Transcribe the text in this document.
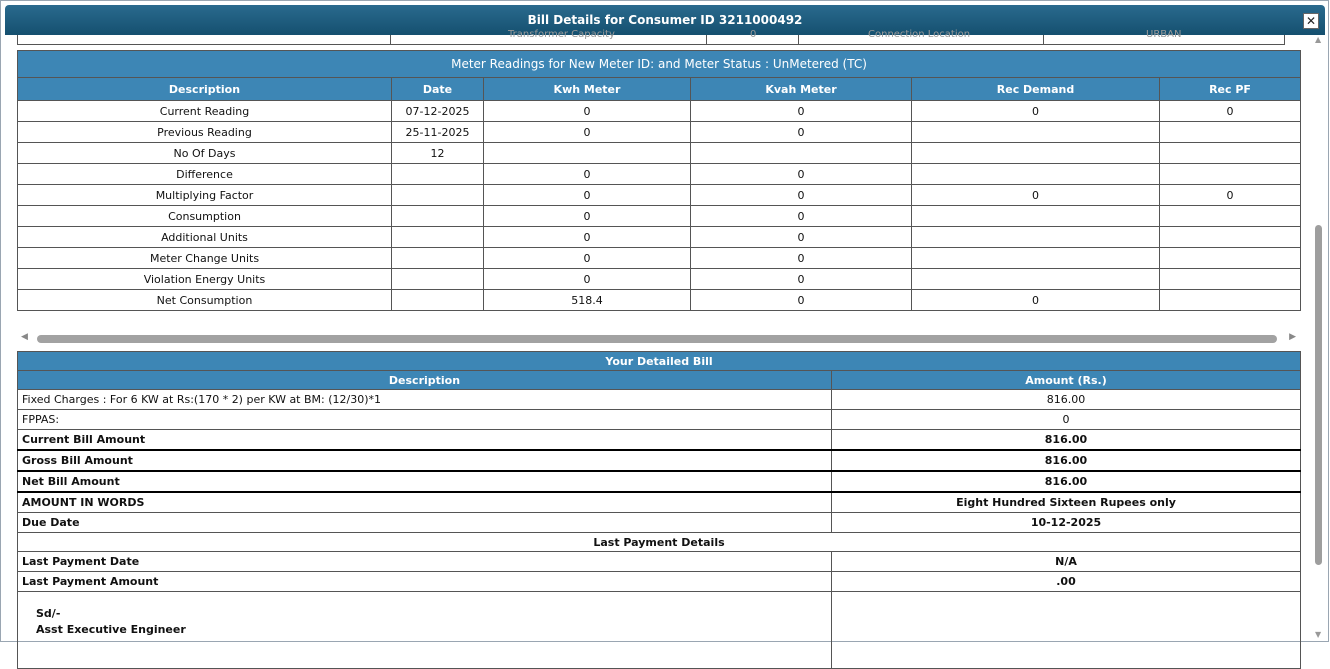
Bill Details for Consumer ID 3211000492	✕
Transformer Capacity	0	Connection Location	URBAN
Meter Readings for New Meter ID: and Meter Status : UnMetered (TC)					
Description	Date	Kwh Meter	Kvah Meter	Rec Demand	Rec PF
Current Reading	07-12-2025	0	0	0	0
Previous Reading	25-11-2025	0	0		
No Of Days	12				
Difference		0	0		
Multiplying Factor		0	0	0	0
Consumption		0	0		
Additional Units		0	0		
Meter Change Units		0	0		
Violation Energy Units		0	0		
Net Consumption		518.4	0	0	
◀	▶
Your Detailed Bill	
Description	Amount (Rs.)
Fixed Charges : For 6 KW at Rs:(170 * 2) per KW at BM: (12/30)*1	816.00
FPPAS:	0
Current Bill Amount	816.00
Gross Bill Amount	816.00
Net Bill Amount	816.00
AMOUNT IN WORDS	Eight Hundred Sixteen Rupees only
Due Date	10-12-2025
Last Payment Details	
Last Payment Date	N/A
Last Payment Amount	.00

Sd/-
Asst Executive Engineer	

▲
▼
